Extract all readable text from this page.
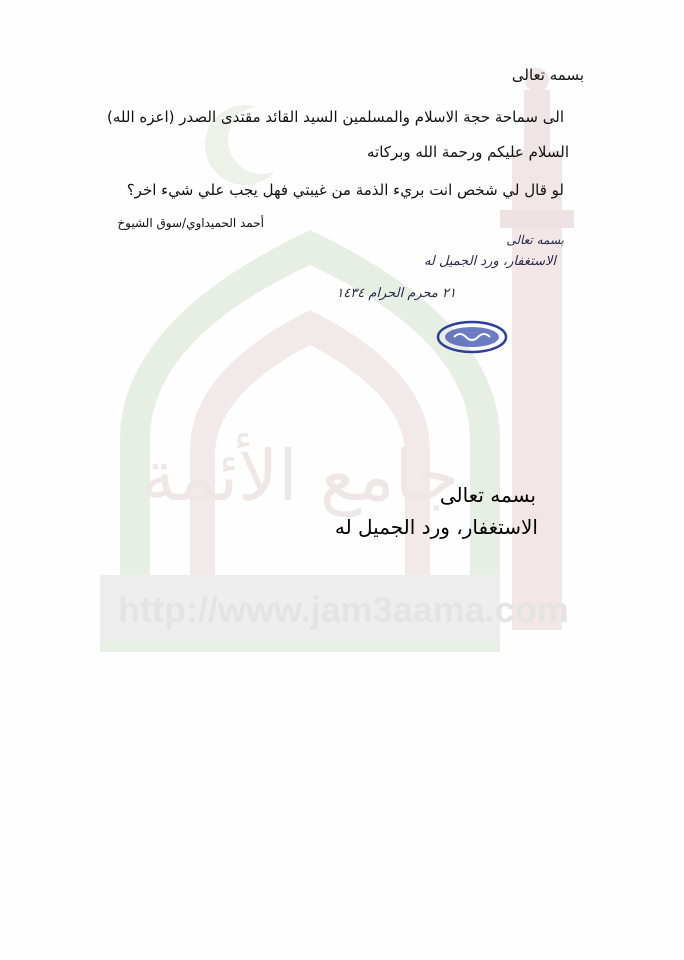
http://www.jam3aama.com
جامع الأئمة
بسمه تعالى
الى سماحة حجة الاسلام والمسلمين السيد القائد مقتدى الصدر (اعزه الله)
السلام عليكم ورحمة الله وبركاته
لو قال لي شخص انت بريء الذمة من غيبتي فهل يجب علي شيء اخر؟
أحمد الحميداوي/سوق الشيوخ
بسمه تعالى
الاستغفار، ورد الجميل له
٢١ محرم الحرام ١٤٣٤
بسمه تعالى
الاستغفار، ورد الجميل له
